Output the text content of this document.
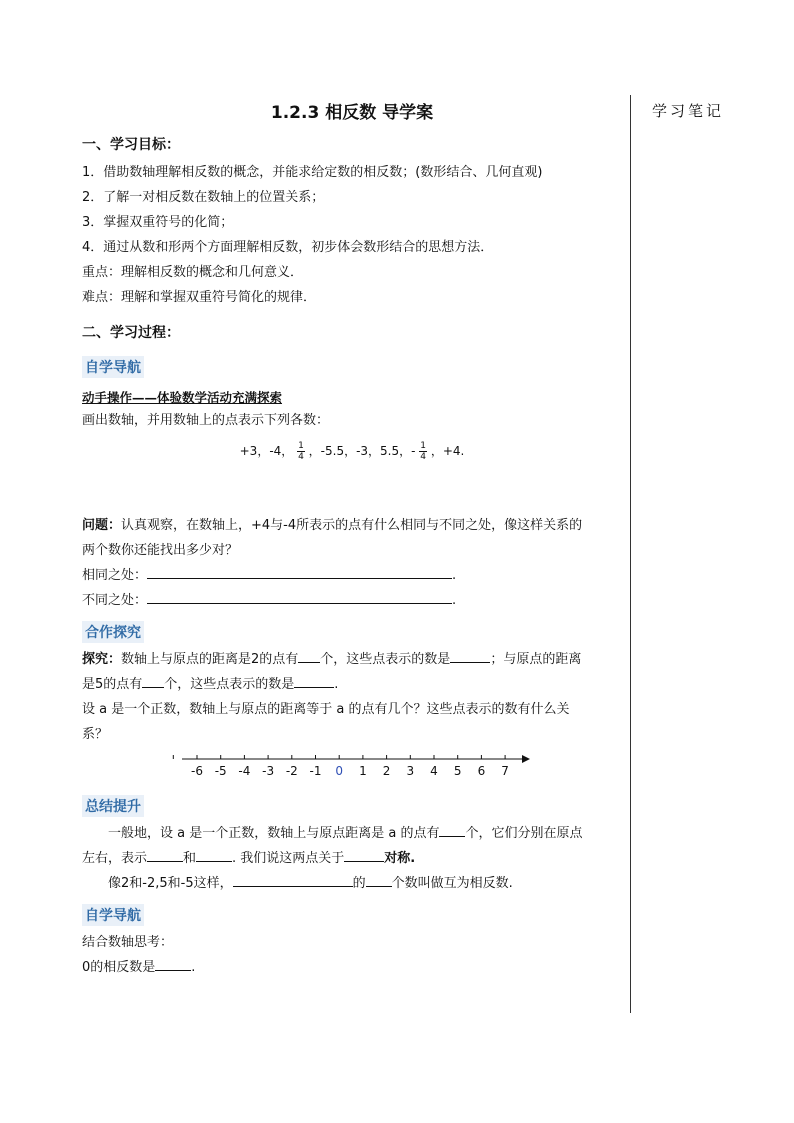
学习笔记
1.2.3 相反数 导学案
一、学习目标：

1．借助数轴理解相反数的概念，并能求给定数的相反数；(数形结合、几何直观)

2．了解一对相反数在数轴上的位置关系；

3．掌握双重符号的化简；

4．通过从数和形两个方面理解相反数，初步体会数形结合的思想方法．

重点：理解相反数的概念和几何意义．

难点：理解和掌握双重符号简化的规律．

二、学习过程：
自学导航
动手操作——体验数学活动充满探索

画出数轴，并用数轴上的点表示下列各数：

+3，-4， $\frac{1}{4}$ ，-5.5，-3，5.5，- $\frac{1}{4}$ ，+4.

问题：认真观察，在数轴上，+4与-4所表示的点有什么相同与不同之处，像这样关系的

两个数你还能找出多少对？

相同之处：	.

不同之处：	.

合作探究

探究：数轴上与原点的距离是2的点有 个，这些点表示的数是	；与原点的距离

是5的点有 个，这些点表示的数是	.

设 a 是一个正数，数轴上与原点的距离等于 a 的点有几个？这些点表示的数有什么关

系？

-6 -5 -4 -3 -2 -1 0 1 2 3 4 5 6 7
总结提升

一般地，设 a 是一个正数，数轴上与原点距离是 a 的点有 个，它们分别在原点

左右，表示	和	. 我们说这两点关于	对称.

像2和-2,5和-5这样，	的 个数叫做互为相反数.

自学导航

结合数轴思考：

0的相反数是	.
